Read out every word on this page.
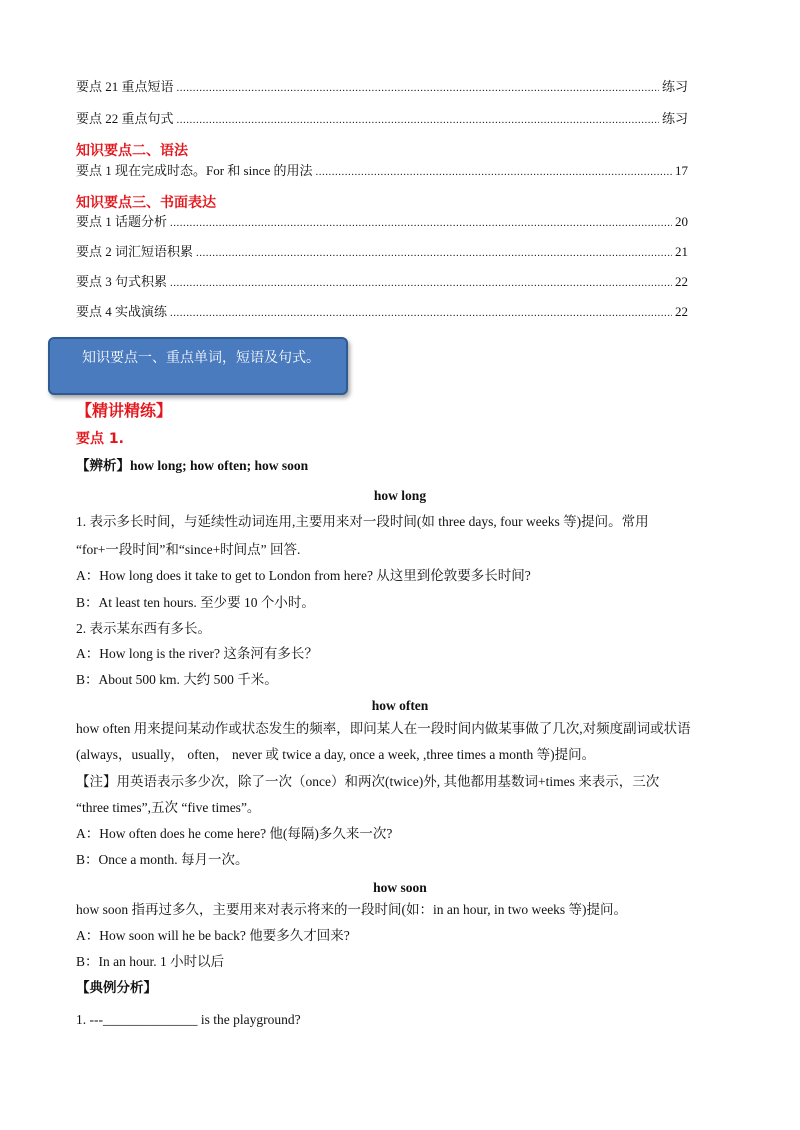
要点 21 重点短语 .....	练习
要点 22 重点句式 .....	练习
知识要点二、语法
要点 1 现在完成时态。For 和 since 的用法 .....	17
知识要点三、书面表达
要点 1 话题分析 .....	20
要点 2 词汇短语积累 .....	21
要点 3 句式积累 .....	22
要点 4 实战演练 .....	22
知识要点一、重点单词，短语及句式。
【精讲精练】
要点 1.
【辨析】how long; how often; how soon
how long
1. 表示多长时间，与延续性动词连用,主要用来对一段时间(如 three days, four weeks 等)提问。常用
“for+一段时间”和“since+时间点” 回答.
A：How long does it take to get to London from here? 从这里到伦敦要多长时间?
B：At least ten hours. 至少要 10 个小时。
2. 表示某东西有多长。
A：How long is the river? 这条河有多长？
B：About 500 km. 大约 500 千米。
how often
how often 用来提问某动作或状态发生的频率，即问某人在一段时间内做某事做了几次,对频度副词或状语
(always，usually， often， never 或 twice a day, once a week, ,three times a month 等)提问。
【注】用英语表示多少次，除了一次（once）和两次(twice)外, 其他都用基数词+times 来表示，三次
“three times”,五次 “five times”。
A：How often does he come here? 他(每隔)多久来一次?
B：Once a month. 每月一次。
how soon
how soon 指再过多久，主要用来对表示将来的一段时间(如：in an hour, in two weeks 等)提问。
A：How soon will he be back? 他要多久才回来?
B：In an hour. 1 小时以后
【典例分析】
1. ---______________ is the playground?
